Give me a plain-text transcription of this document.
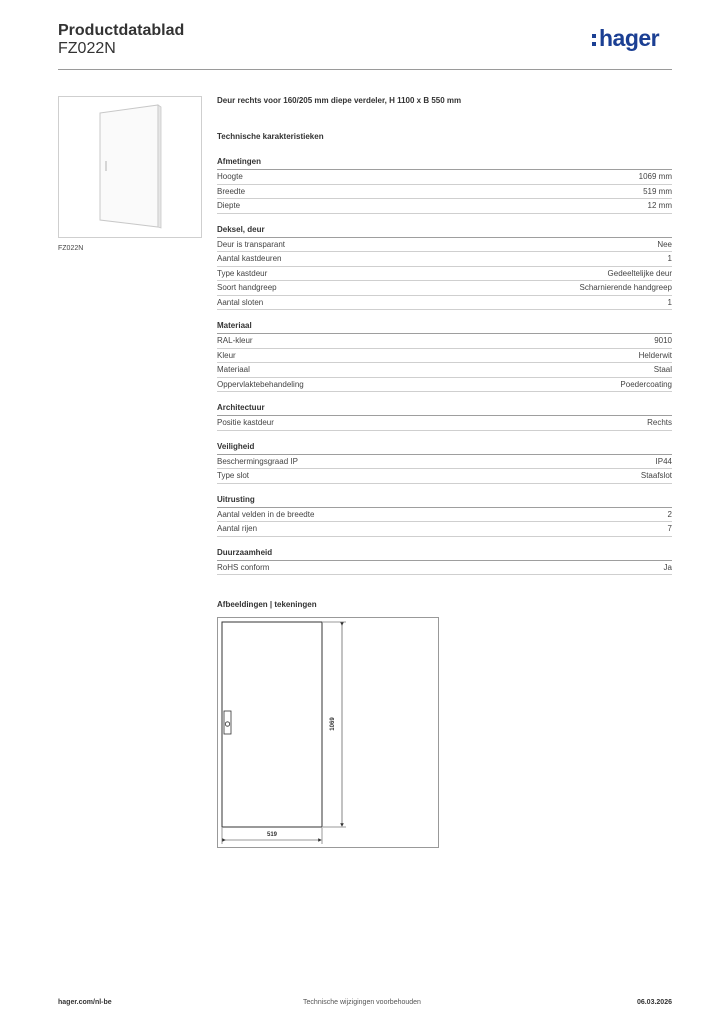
Productdatablad
FZ022N	hager
FZ022N
Deur rechts voor 160/205 mm diepe verdeler, H 1100 x B 550 mm
Technische karakteristieken
Afmetingen
Hoogte	1069 mm
Breedte	519 mm
Diepte	12 mm
Deksel, deur
Deur is transparant	Nee
Aantal kastdeuren	1
Type kastdeur	Gedeeltelijke deur
Soort handgreep	Scharnierende handgreep
Aantal sloten	1
Materiaal
RAL-kleur	9010
Kleur	Helderwit
Materiaal	Staal
Oppervlaktebehandeling	Poedercoating
Architectuur
Positie kastdeur	Rechts
Veiligheid
Beschermingsgraad IP	IP44
Type slot	Staafslot
Uitrusting
Aantal velden in de breedte	2
Aantal rijen	7
Duurzaamheid
RoHS conform	Ja
Afbeeldingen | tekeningen
1069
519
hager.com/nl-be	Technische wijzigingen voorbehouden	06.03.2026
